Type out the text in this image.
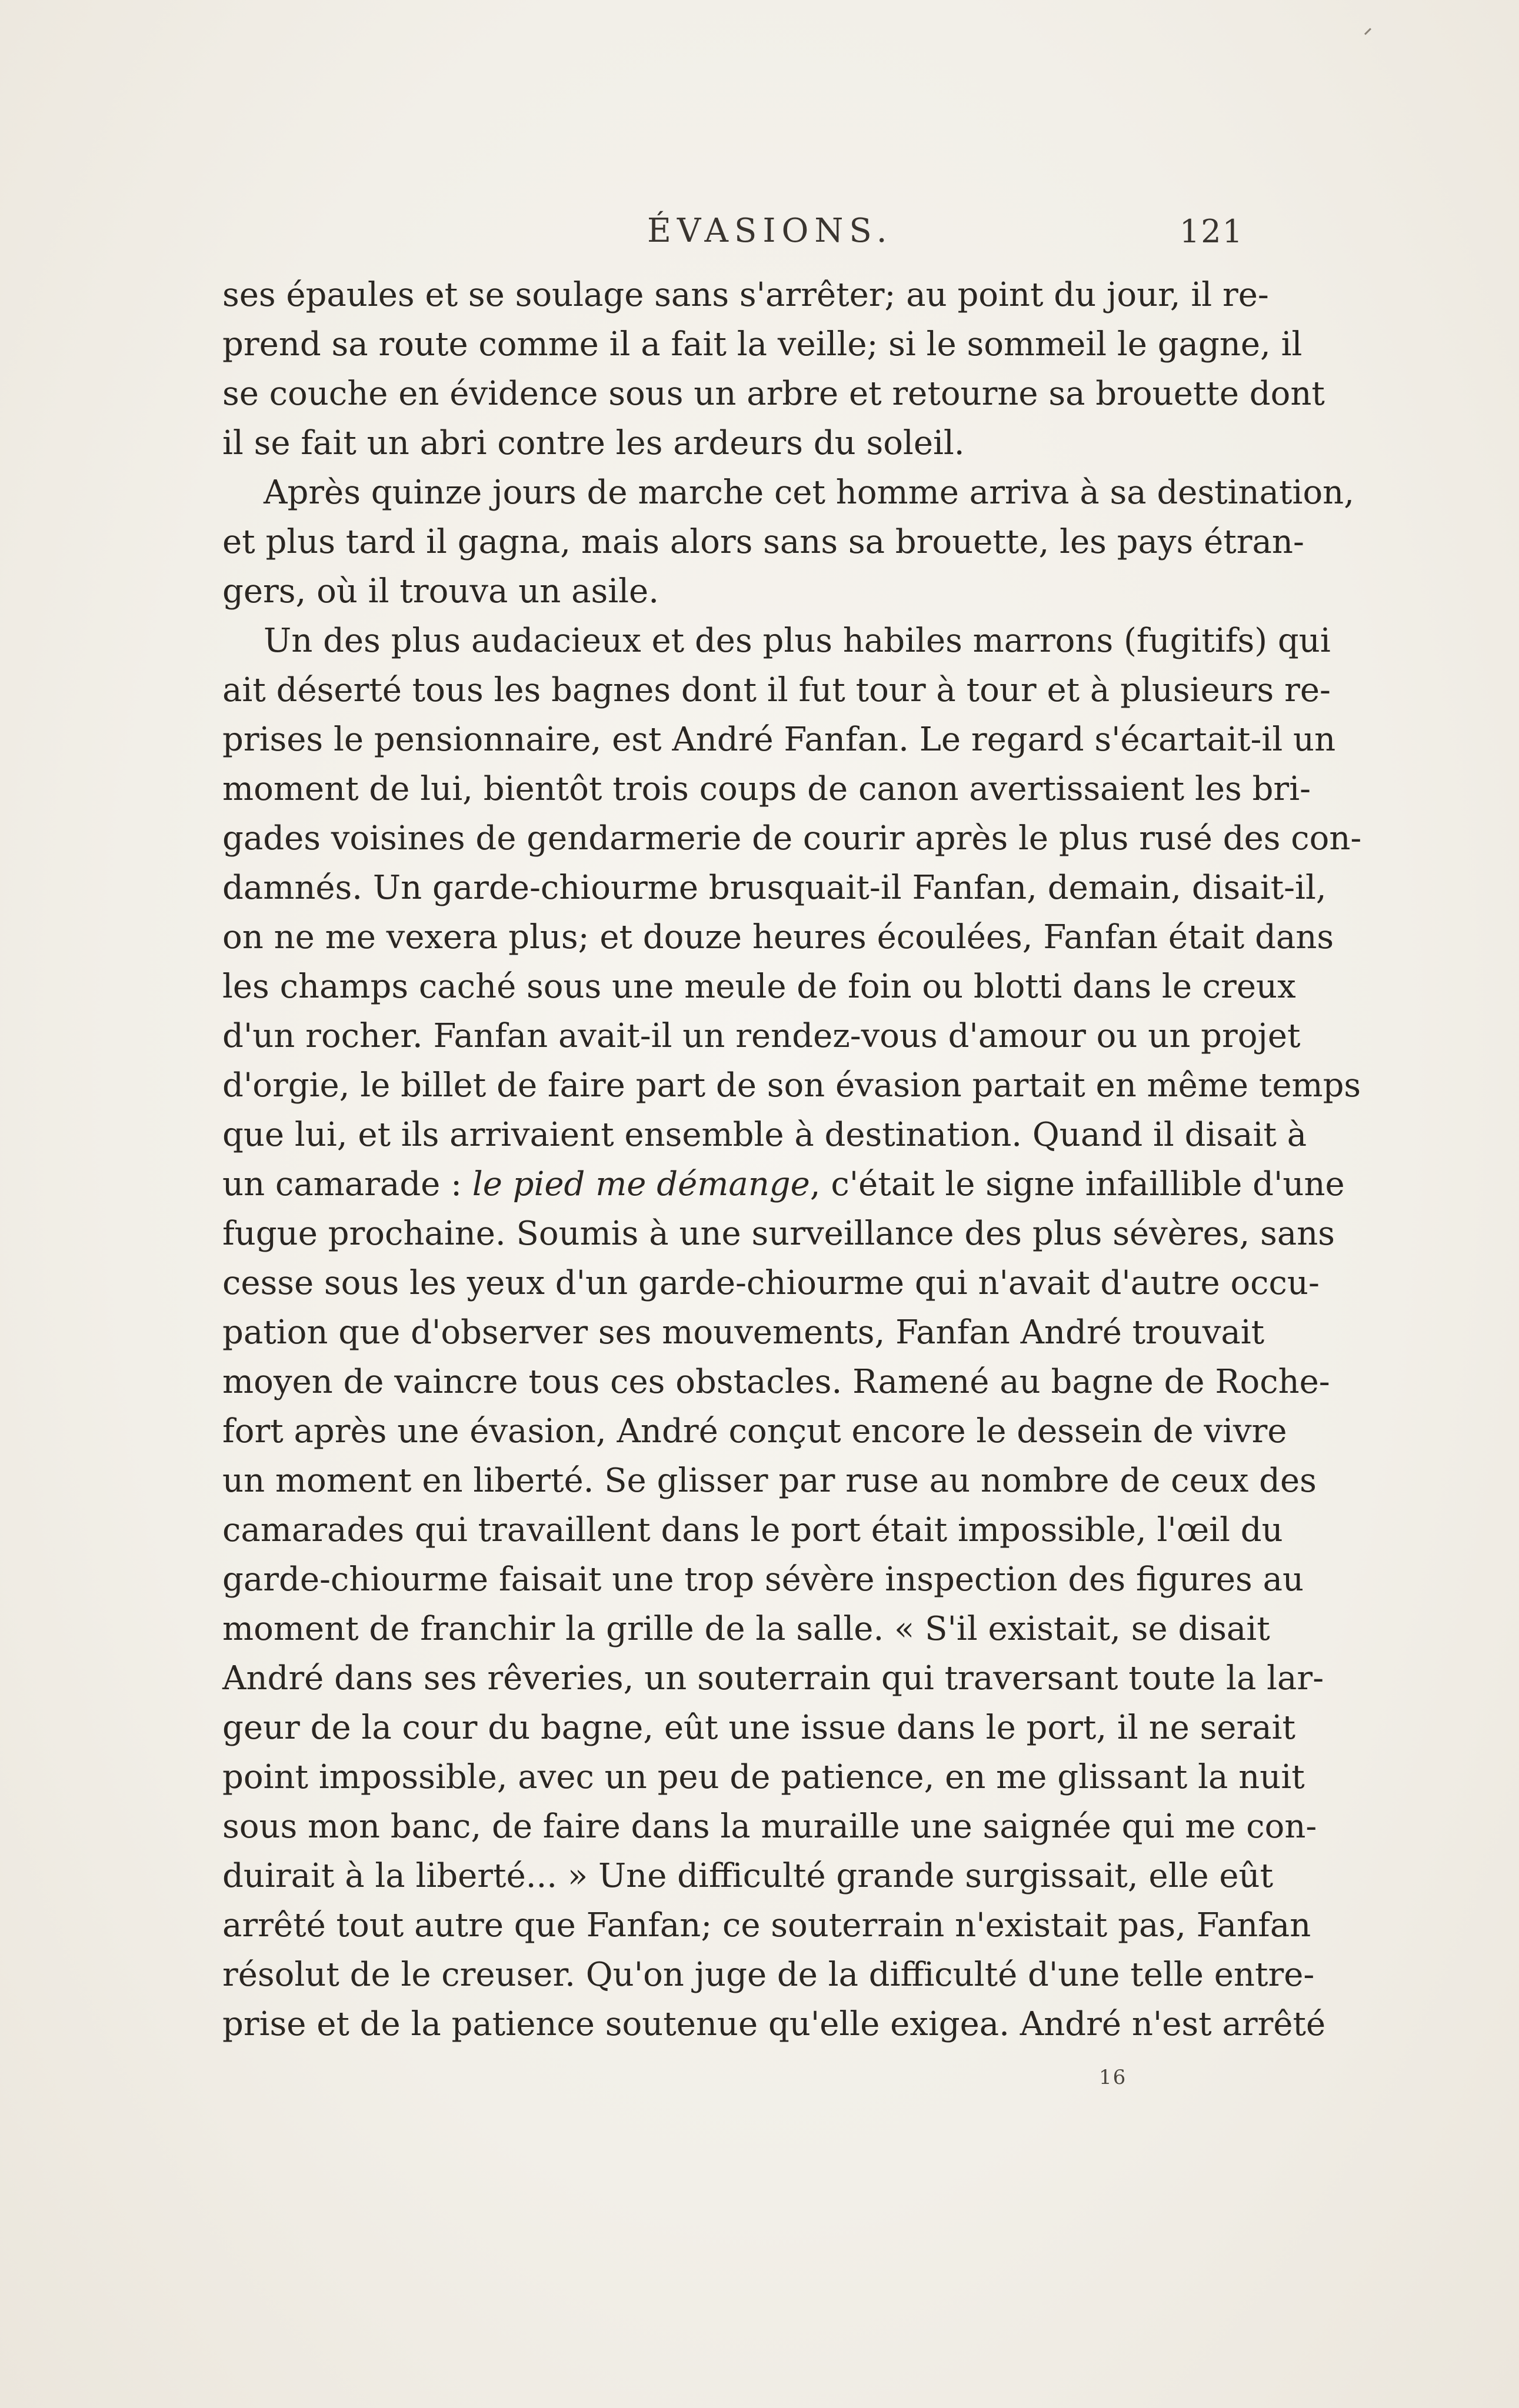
ÉVASIONS.	121
ses épaules et se soulage sans s'arrêter; au point du jour, il re-
prend sa route comme il a fait la veille; si le sommeil le gagne, il
se couche en évidence sous un arbre et retourne sa brouette dont
il se fait un abri contre les ardeurs du soleil.
Après quinze jours de marche cet homme arriva à sa destination,
et plus tard il gagna, mais alors sans sa brouette, les pays étran-
gers, où il trouva un asile.
Un des plus audacieux et des plus habiles marrons (fugitifs) qui
ait déserté tous les bagnes dont il fut tour à tour et à plusieurs re-
prises le pensionnaire, est André Fanfan. Le regard s'écartait-il un
moment de lui, bientôt trois coups de canon avertissaient les bri-
gades voisines de gendarmerie de courir après le plus rusé des con-
damnés. Un garde-chiourme brusquait-il Fanfan, demain, disait-il,
on ne me vexera plus; et douze heures écoulées, Fanfan était dans
les champs caché sous une meule de foin ou blotti dans le creux
d'un rocher. Fanfan avait-il un rendez-vous d'amour ou un projet
d'orgie, le billet de faire part de son évasion partait en même temps
que lui, et ils arrivaient ensemble à destination. Quand il disait à
un camarade : le pied me démange, c'était le signe infaillible d'une
fugue prochaine. Soumis à une surveillance des plus sévères, sans
cesse sous les yeux d'un garde-chiourme qui n'avait d'autre occu-
pation que d'observer ses mouvements, Fanfan André trouvait
moyen de vaincre tous ces obstacles. Ramené au bagne de Roche-
fort après une évasion, André conçut encore le dessein de vivre
un moment en liberté. Se glisser par ruse au nombre de ceux des
camarades qui travaillent dans le port était impossible, l'œil du
garde-chiourme faisait une trop sévère inspection des figures au
moment de franchir la grille de la salle. « S'il existait, se disait
André dans ses rêveries, un souterrain qui traversant toute la lar-
geur de la cour du bagne, eût une issue dans le port, il ne serait
point impossible, avec un peu de patience, en me glissant la nuit
sous mon banc, de faire dans la muraille une saignée qui me con-
duirait à la liberté... » Une difficulté grande surgissait, elle eût
arrêté tout autre que Fanfan; ce souterrain n'existait pas, Fanfan
résolut de le creuser. Qu'on juge de la difficulté d'une telle entre-
prise et de la patience soutenue qu'elle exigea. André n'est arrêté
16
